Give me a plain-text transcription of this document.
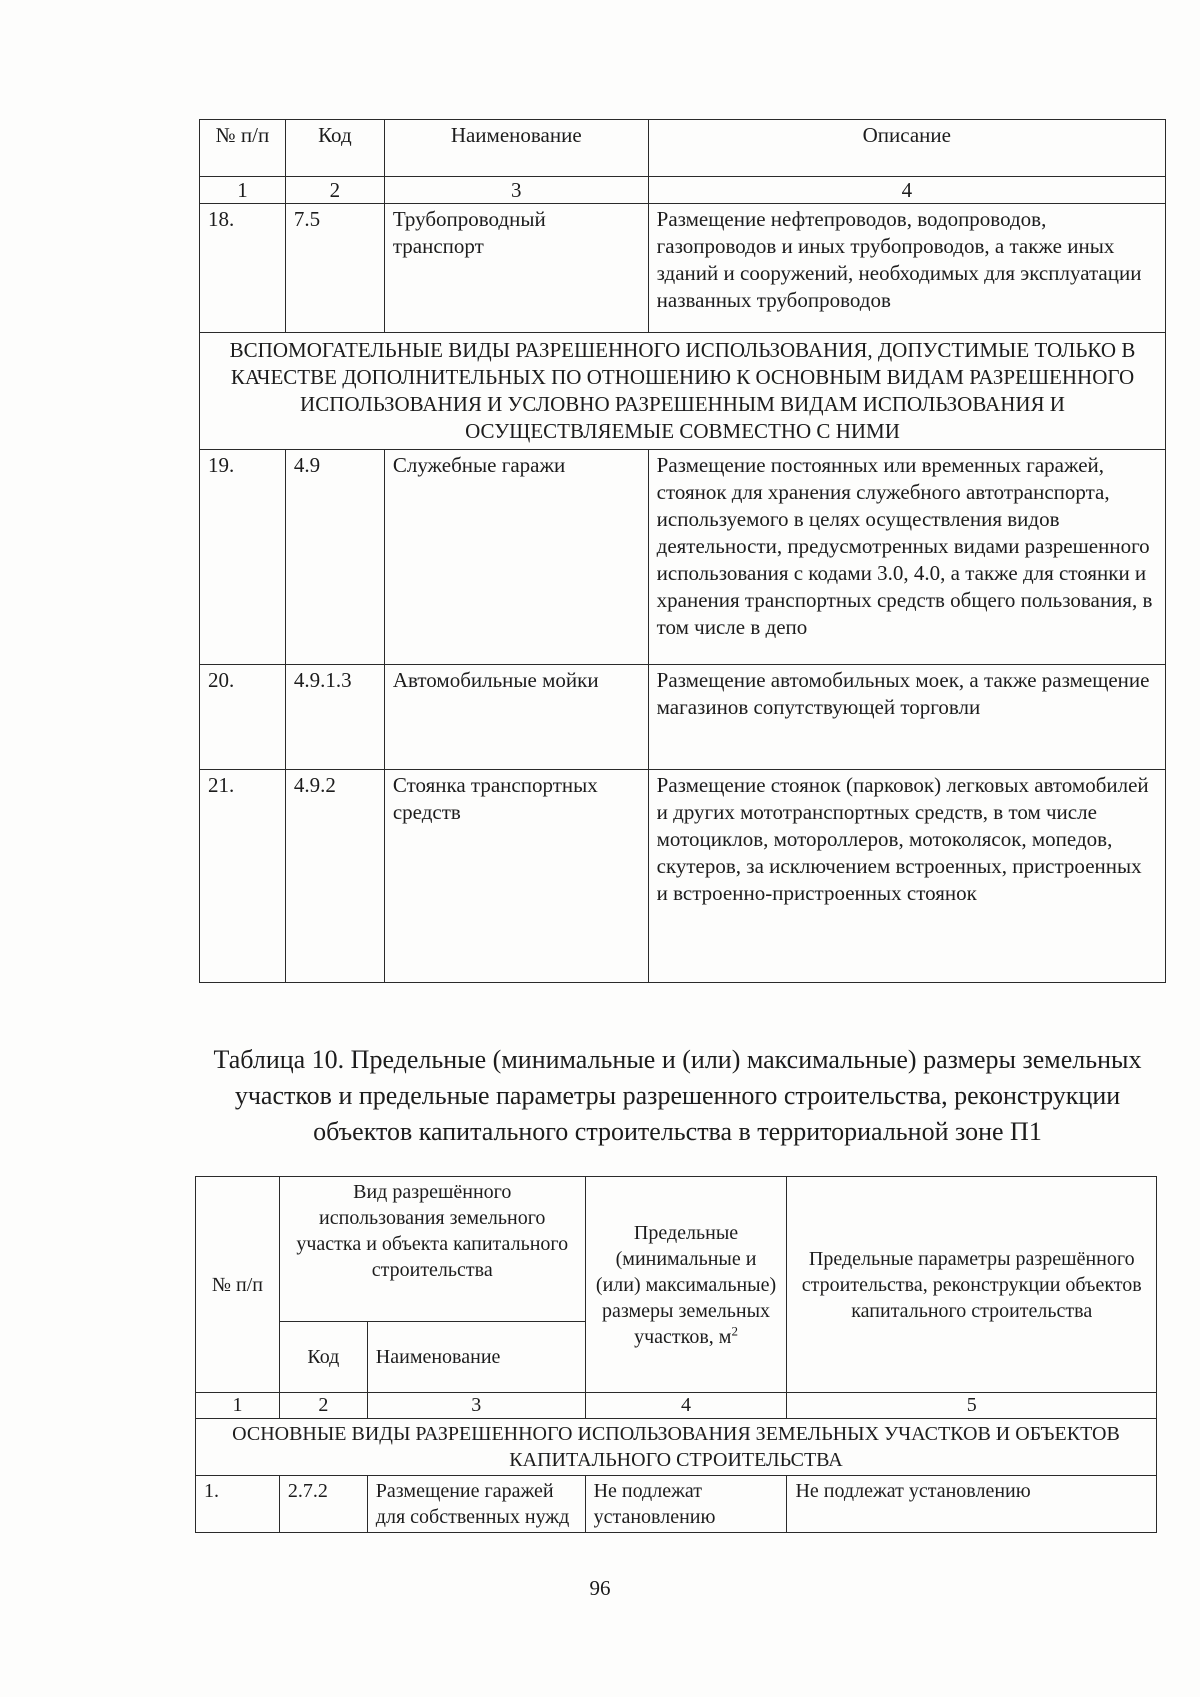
№ п/п	Код	Наименование	Описание
1	2	3	4
18.	7.5	Трубопроводный транспорт	Размещение нефтепроводов, водопроводов, газопроводов и иных трубопроводов, а также иных зданий и сооружений, необходимых для эксплуатации названных трубопроводов
ВСПОМОГАТЕЛЬНЫЕ ВИДЫ РАЗРЕШЕННОГО ИСПОЛЬЗОВАНИЯ, ДОПУСТИМЫЕ ТОЛЬКО В КАЧЕСТВЕ ДОПОЛНИТЕЛЬНЫХ ПО ОТНОШЕНИЮ К ОСНОВНЫМ ВИДАМ РАЗРЕШЕННОГО ИСПОЛЬЗОВАНИЯ И УСЛОВНО РАЗРЕШЕННЫМ ВИДАМ ИСПОЛЬЗОВАНИЯ И ОСУЩЕСТВЛЯЕМЫЕ СОВМЕСТНО С НИМИ			
19.	4.9	Служебные гаражи	Размещение постоянных или временных гаражей, стоянок для хранения служебного автотранспорта, используемого в целях осуществления видов деятельности, предусмотренных видами разрешенного использования с кодами 3.0, 4.0, а также для стоянки и хранения транспортных средств общего пользования, в том числе в депо
20.	4.9.1.3	Автомобильные мойки	Размещение автомобильных моек, а также размещение магазинов сопутствующей торговли
21.	4.9.2	Стоянка транспортных средств	Размещение стоянок (парковок) легковых автомобилей и других мототранспортных средств, в том числе мотоциклов, мотороллеров, мотоколясок, мопедов, скутеров, за исключением встроенных, пристроенных и встроенно-пристроенных стоянок
Таблица 10. Предельные (минимальные и (или) максимальные) размеры земельных участков и предельные параметры разрешенного строительства, реконструкции объектов капитального строительства в территориальной зоне П1
№ п/п	Вид разрешённого использования земельного участка и объекта капитального строительства		Предельные (минимальные и (или) максимальные) размеры земельных участков, $м^2$	Предельные параметры разрешённого строительства, реконструкции объектов капитального строительства
	Код	Наименование		
1	2	3	4	5
ОСНОВНЫЕ ВИДЫ РАЗРЕШЕННОГО ИСПОЛЬЗОВАНИЯ ЗЕМЕЛЬНЫХ УЧАСТКОВ И ОБЪЕКТОВ КАПИТАЛЬНОГО СТРОИТЕЛЬСТВА				
1.	2.7.2	Размещение гаражей для собственных нужд	Не подлежат установлению	Не подлежат установлению
96
